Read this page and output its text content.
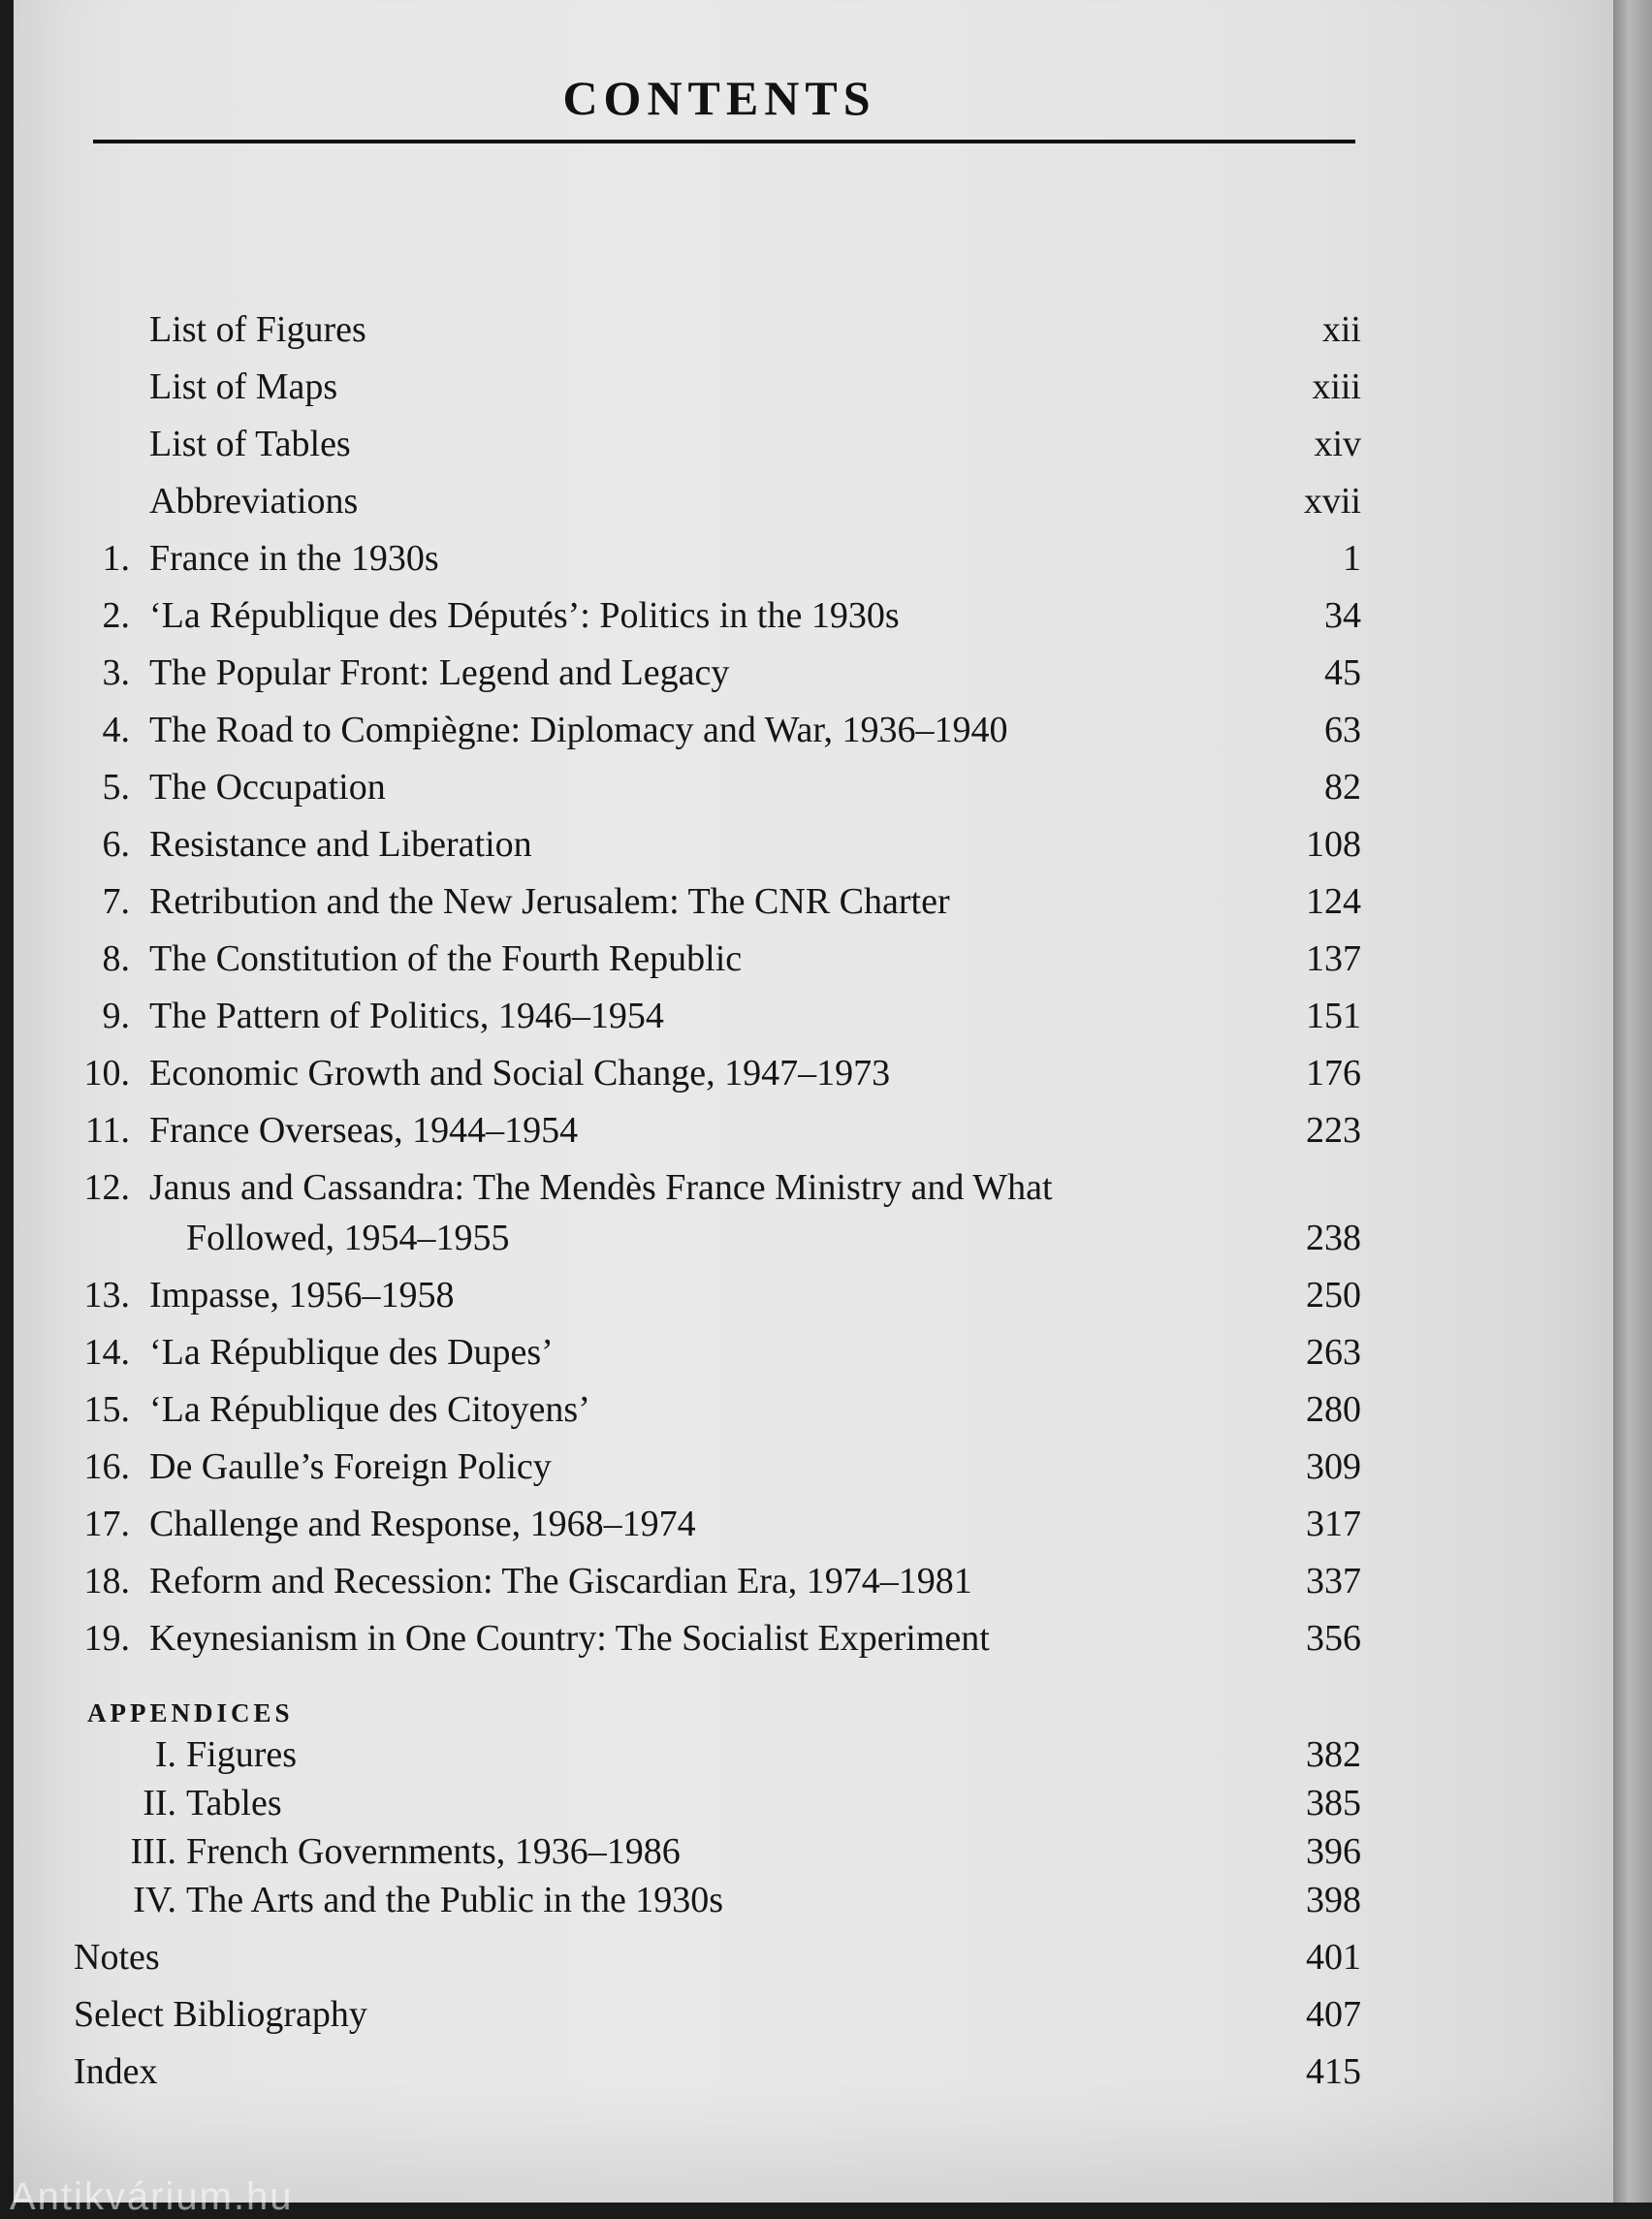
CONTENTS
List of Figures	xii
List of Maps	xiii
List of Tables	xiv
Abbreviations	xvii
1. France in the 1930s	1
2. ‘La République des Députés’: Politics in the 1930s	34
3. The Popular Front: Legend and Legacy	45
4. The Road to Compiègne: Diplomacy and War, 1936–1940	63
5. The Occupation	82
6. Resistance and Liberation	108
7. Retribution and the New Jerusalem: The CNR Charter	124
8. The Constitution of the Fourth Republic	137
9. The Pattern of Politics, 1946–1954	151
10. Economic Growth and Social Change, 1947–1973	176
11. France Overseas, 1944–1954	223
12. Janus and Cassandra: The Mendès France Ministry and What
Followed, 1954–1955	238
13. Impasse, 1956–1958	250
14. ‘La République des Dupes’	263
15. ‘La République des Citoyens’	280
16. De Gaulle’s Foreign Policy	309
17. Challenge and Response, 1968–1974	317
18. Reform and Recession: The Giscardian Era, 1974–1981	337
19. Keynesianism in One Country: The Socialist Experiment	356
APPENDICES
I. Figures	382
II. Tables	385
III. French Governments, 1936–1986	396
IV. The Arts and the Public in the 1930s	398
Notes	401
Select Bibliography	407
Index	415
Antikvárium.hu
